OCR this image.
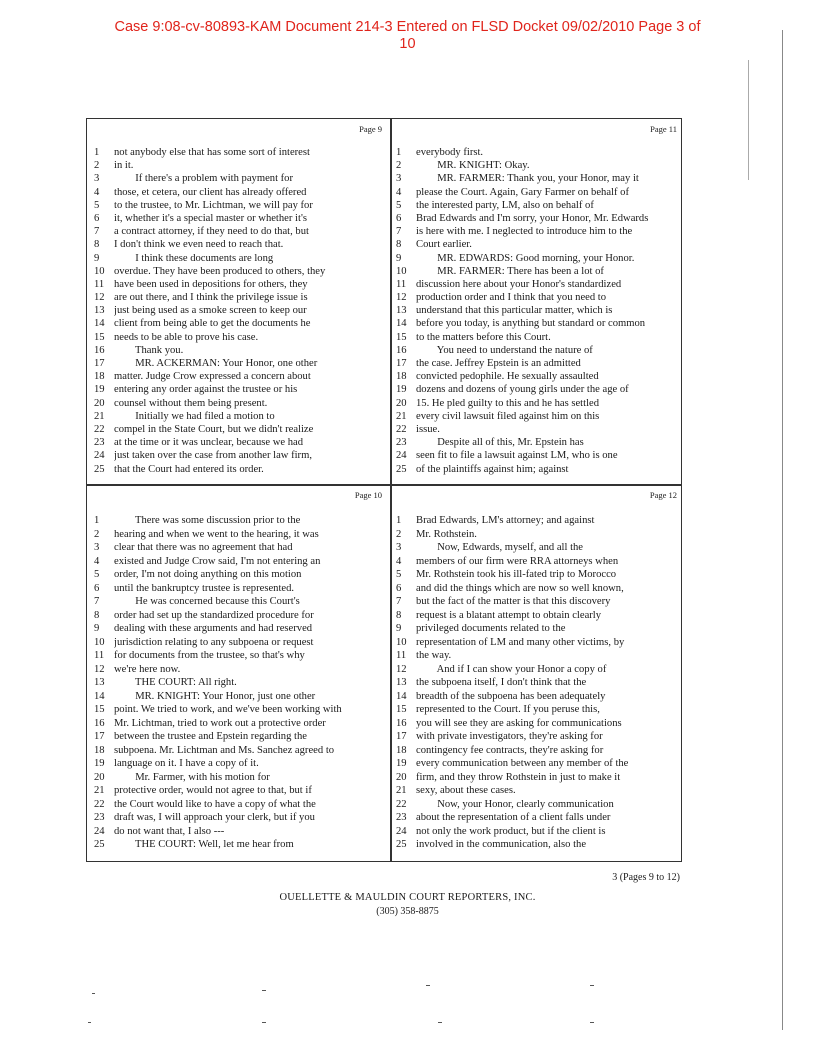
Case 9:08-cv-80893-KAM Document 214-3 Entered on FLSD Docket 09/02/2010 Page 3 of
10
Page 9
1	not anybody else that has some sort of interest
2	in it.
3	If there's a problem with payment for
4	those, et cetera, our client has already offered
5	to the trustee, to Mr. Lichtman, we will pay for
6	it, whether it's a special master or whether it's
7	a contract attorney, if they need to do that, but
8	I don't think we even need to reach that.
9	I think these documents are long
10 overdue. They have been produced to others, they
11 have been used in depositions for others, they
12 are out there, and I think the privilege issue is
13 just being used as a smoke screen to keep our
14 client from being able to get the documents he
15 needs to be able to prove his case.
16 Thank you.
17 MR. ACKERMAN: Your Honor, one other
18 matter. Judge Crow expressed a concern about
19 entering any order against the trustee or his
20 counsel without them being present.
21 Initially we had filed a motion to
22 compel in the State Court, but we didn't realize
23 at the time or it was unclear, because we had
24 just taken over the case from another law firm,
25 that the Court had entered its order.
Page 11
1	everybody first.
2	MR. KNIGHT: Okay.
3	MR. FARMER: Thank you, your Honor, may it
4	please the Court. Again, Gary Farmer on behalf of
5	the interested party, LM, also on behalf of
6	Brad Edwards and I'm sorry, your Honor, Mr. Edwards
7	is here with me. I neglected to introduce him to the
8	Court earlier.
9	MR. EDWARDS: Good morning, your Honor.
10 MR. FARMER: There has been a lot of
11 discussion here about your Honor's standardized
12 production order and I think that you need to
13 understand that this particular matter, which is
14 before you today, is anything but standard or common
15 to the matters before this Court.
16 You need to understand the nature of
17 the case. Jeffrey Epstein is an admitted
18 convicted pedophile. He sexually assaulted
19 dozens and dozens of young girls under the age of
20 15. He pled guilty to this and he has settled
21 every civil lawsuit filed against him on this
22 issue.
23 Despite all of this, Mr. Epstein has
24 seen fit to file a lawsuit against LM, who is one
25 of the plaintiffs against him; against
Page 10
1	There was some discussion prior to the
2	hearing and when we went to the hearing, it was
3	clear that there was no agreement that had
4	existed and Judge Crow said, I'm not entering an
5	order, I'm not doing anything on this motion
6	until the bankruptcy trustee is represented.
7	He was concerned because this Court's
8	order had set up the standardized procedure for
9	dealing with these arguments and had reserved
10 jurisdiction relating to any subpoena or request
11 for documents from the trustee, so that's why
12 we're here now.
13 THE COURT: All right.
14 MR. KNIGHT: Your Honor, just one other
15 point. We tried to work, and we've been working with
16 Mr. Lichtman, tried to work out a protective order
17 between the trustee and Epstein regarding the
18 subpoena. Mr. Lichtman and Ms. Sanchez agreed to
19 language on it. I have a copy of it.
20 Mr. Farmer, with his motion for
21 protective order, would not agree to that, but if
22 the Court would like to have a copy of what the
23 draft was, I will approach your clerk, but if you
24 do not want that, I also ---
25 THE COURT: Well, let me hear from
Page 12
1	Brad Edwards, LM's attorney; and against
2	Mr. Rothstein.
3	Now, Edwards, myself, and all the
4	members of our firm were RRA attorneys when
5	Mr. Rothstein took his ill-fated trip to Morocco
6	and did the things which are now so well known,
7	but the fact of the matter is that this discovery
8	request is a blatant attempt to obtain clearly
9	privileged documents related to the
10 representation of LM and many other victims, by
11 the way.
12 And if I can show your Honor a copy of
13 the subpoena itself, I don't think that the
14 breadth of the subpoena has been adequately
15 represented to the Court. If you peruse this,
16 you will see they are asking for communications
17 with private investigators, they're asking for
18 contingency fee contracts, they're asking for
19 every communication between any member of the
20 firm, and they throw Rothstein in just to make it
21 sexy, about these cases.
22 Now, your Honor, clearly communication
23 about the representation of a client falls under
24 not only the work product, but if the client is
25 involved in the communication, also the
3 (Pages 9 to 12)
OUELLETTE & MAULDIN COURT REPORTERS, INC.
(305) 358-8875
